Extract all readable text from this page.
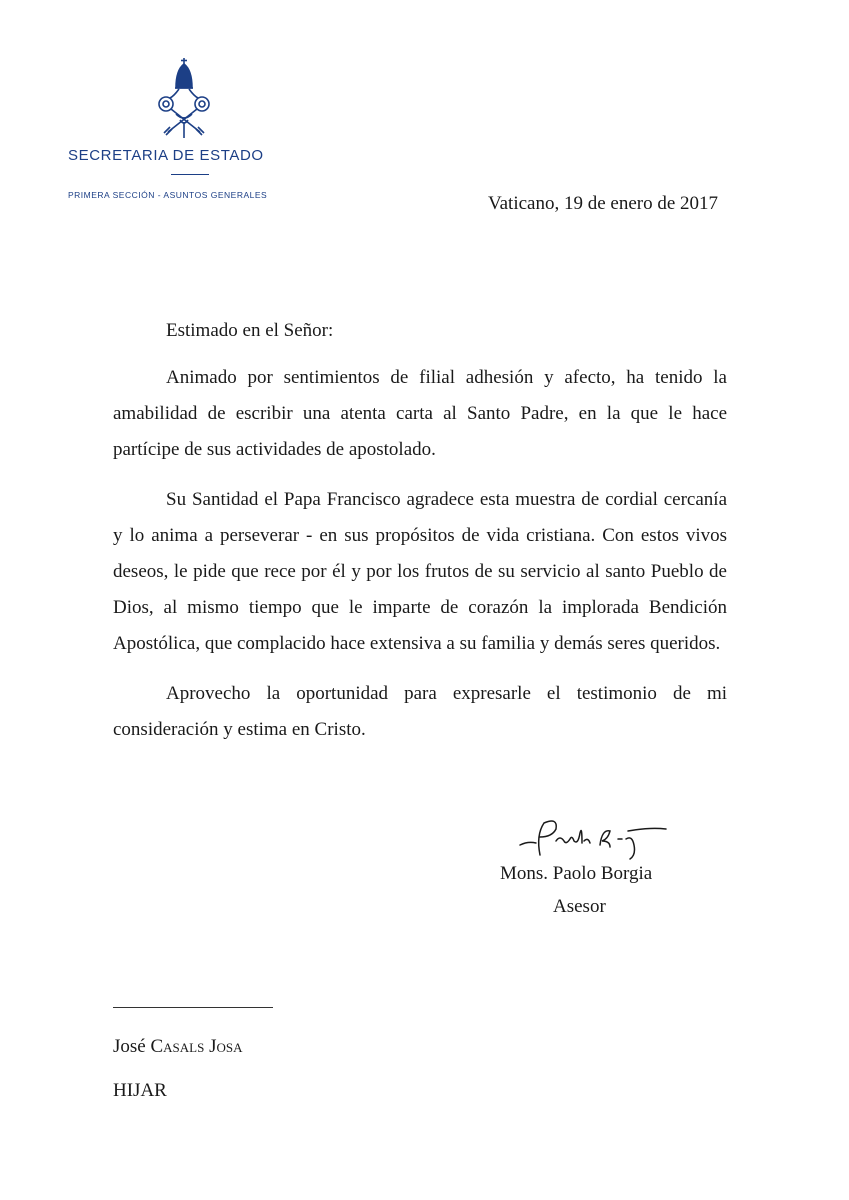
SECRETARIA DE ESTADO
PRIMERA SECCIÓN - ASUNTOS GENERALES	Vaticano, 19 de enero de 2017
Estimado en el Señor:

Animado por sentimientos de filial adhesión y afecto, ha tenido la amabilidad de escribir una atenta carta al Santo Padre, en la que le hace partícipe de sus actividades de apostolado.

Su Santidad el Papa Francisco agradece esta muestra de cordial cercanía y lo anima a perseverar - en sus propósitos de vida cristiana. Con estos vivos deseos, le pide que rece por él y por los frutos de su servicio al santo Pueblo de Dios, al mismo tiempo que le imparte de corazón la implorada Bendición Apostólica, que complacido hace extensiva a su familia y demás seres queridos.

Aprovecho la oportunidad para expresarle el testimonio de mi consideración y estima en Cristo.

Mons. Paolo Borgia
Asesor
José Casals Josa
HIJAR
